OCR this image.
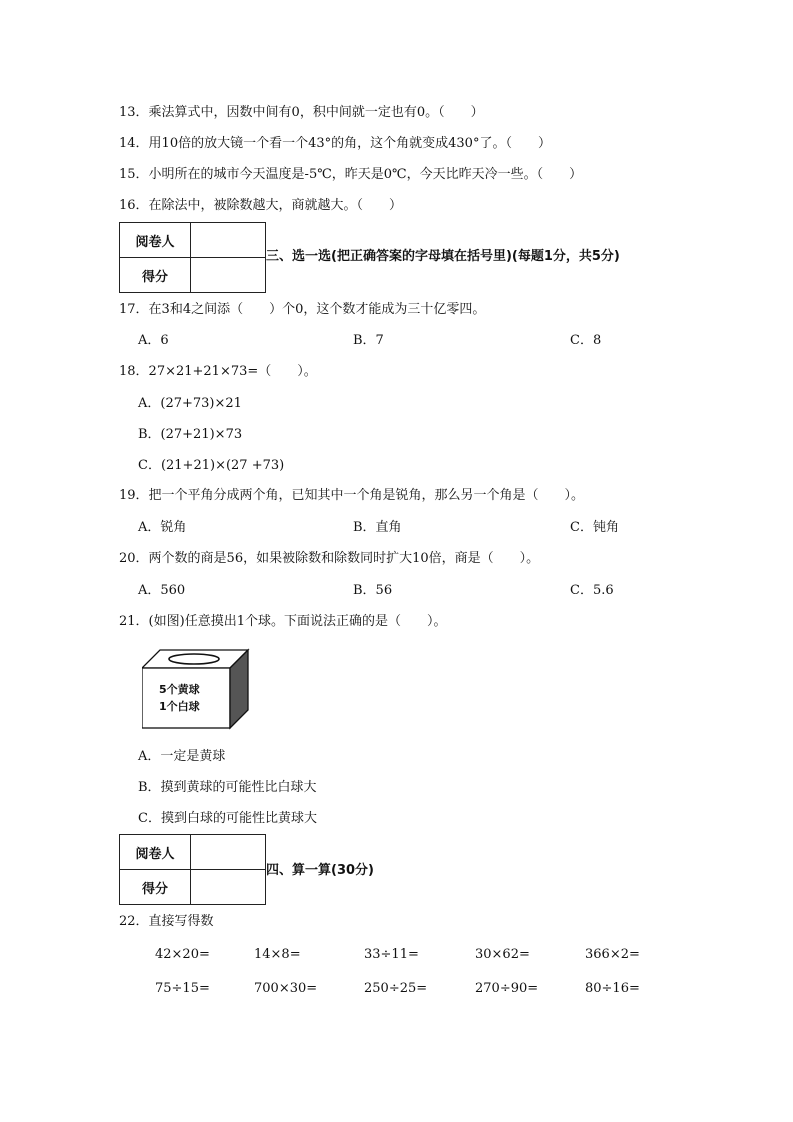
13．乘法算式中，因数中间有0，积中间就一定也有0。（　　）
14．用10倍的放大镜一个看一个43°的角，这个角就变成430°了。（　　）
15．小明所在的城市今天温度是-5℃，昨天是0℃，今天比昨天冷一些。（　　）
16．在除法中，被除数越大，商就越大。（　　）
阅卷人	
得分	
三、选一选(把正确答案的字母填在括号里)(每题1分，共5分)
17．在3和4之间添（　　）个0，这个数才能成为三十亿零四。
A．6	B．7	C．8
18．27×21+21×73=（　　）。
A．(27+73)×21
B．(27+21)×73
C．(21+21)×(27 +73)
19．把一个平角分成两个角，已知其中一个角是锐角，那么另一个角是（　　）。
A．锐角	B．直角	C．钝角
20．两个数的商是56，如果被除数和除数同时扩大10倍，商是（　　）。
A．560	B．56	C．5.6
21．(如图)任意摸出1个球。下面说法正确的是（　　）。
5个黄球
1个白球
A．一定是黄球
B．摸到黄球的可能性比白球大
C．摸到白球的可能性比黄球大
阅卷人	
得分	
四、算一算(30分)
22．直接写得数
42×20=	14×8=	33÷11=	30×62=	366×2=
75÷15=	700×30=	250÷25=	270÷90=	80÷16=
